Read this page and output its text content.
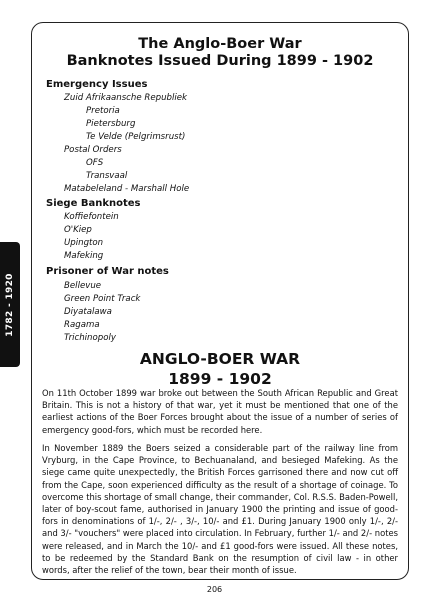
1782 - 1920
The Anglo-Boer War
Banknotes Issued During 1899 - 1902
Emergency Issues
Zuid Afrikaansche Republiek
Pretoria
Pietersburg
Te Velde (Pelgrimsrust)
Postal Orders
OFS
Transvaal
Matabeleland - Marshall Hole
Siege Banknotes
Koffiefontein
O'Kiep
Upington
Mafeking
Prisoner of War notes
Bellevue
Green Point Track
Diyatalawa
Ragama
Trichinopoly
ANGLO-BOER WAR
1899 - 1902

On 11th October 1899 war broke out between the South African Republic and Great Britain. This is not a history of that war, yet it must be mentioned that one of the earliest actions of the Boer Forces brought about the issue of a number of series of emergency good-fors, which must be recorded here.

In November 1889 the Boers seized a considerable part of the railway line from Vryburg, in the Cape Province, to Bechuanaland, and besieged Mafeking. As the siege came quite unexpectedly, the British Forces garrisoned there and now cut off from the Cape, soon experienced difficulty as the result of a shortage of coinage. To overcome this shortage of small change, their commander, Col. R.S.S. Baden-Powell, later of boy-scout fame, authorised in January 1900 the printing and issue of good-fors in denominations of 1/-, 2/- , 3/-, 10/- and £1. During January 1900 only 1/-, 2/- and 3/- "vouchers" were placed into circulation. In February, further 1/- and 2/- notes were released, and in March the 10/- and £1 good-fors were issued. All these notes, to be redeemed by the Standard Bank on the resumption of civil law - in other words, after the relief of the town, bear their month of issue.

206
